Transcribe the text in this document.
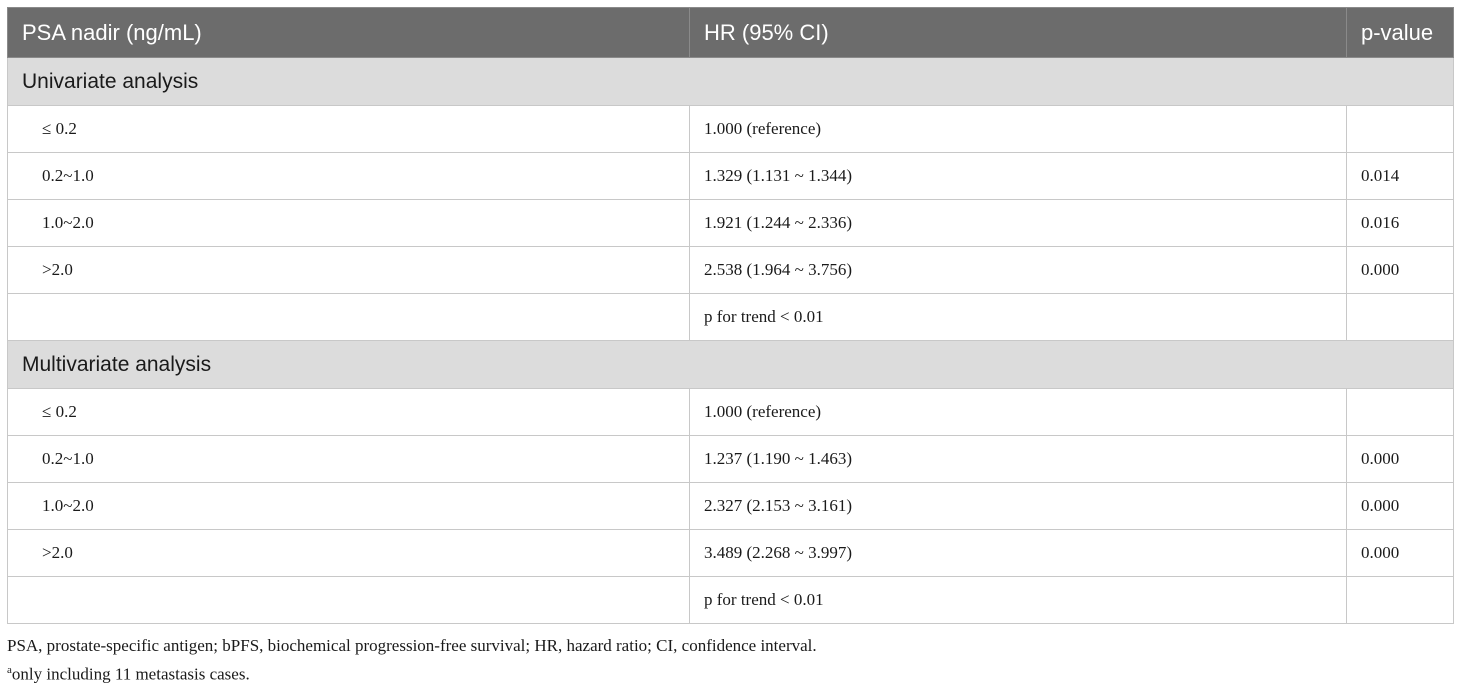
PSA nadir (ng/mL)	HR (95% CI)	p-value
Univariate analysis		
≤ 0.2	1.000 (reference)	
0.2~1.0	1.329 (1.131 ~ 1.344)	0.014
1.0~2.0	1.921 (1.244 ~ 2.336)	0.016
>2.0	2.538 (1.964 ~ 3.756)	0.000
	p for trend < 0.01	
Multivariate analysis		
≤ 0.2	1.000 (reference)	
0.2~1.0	1.237 (1.190 ~ 1.463)	0.000
1.0~2.0	2.327 (2.153 ~ 3.161)	0.000
>2.0	3.489 (2.268 ~ 3.997)	0.000
	p for trend < 0.01	
PSA, prostate-specific antigen; bPFS, biochemical progression-free survival; HR, hazard ratio; CI, confidence interval.
$^a$only including 11 metastasis cases.
